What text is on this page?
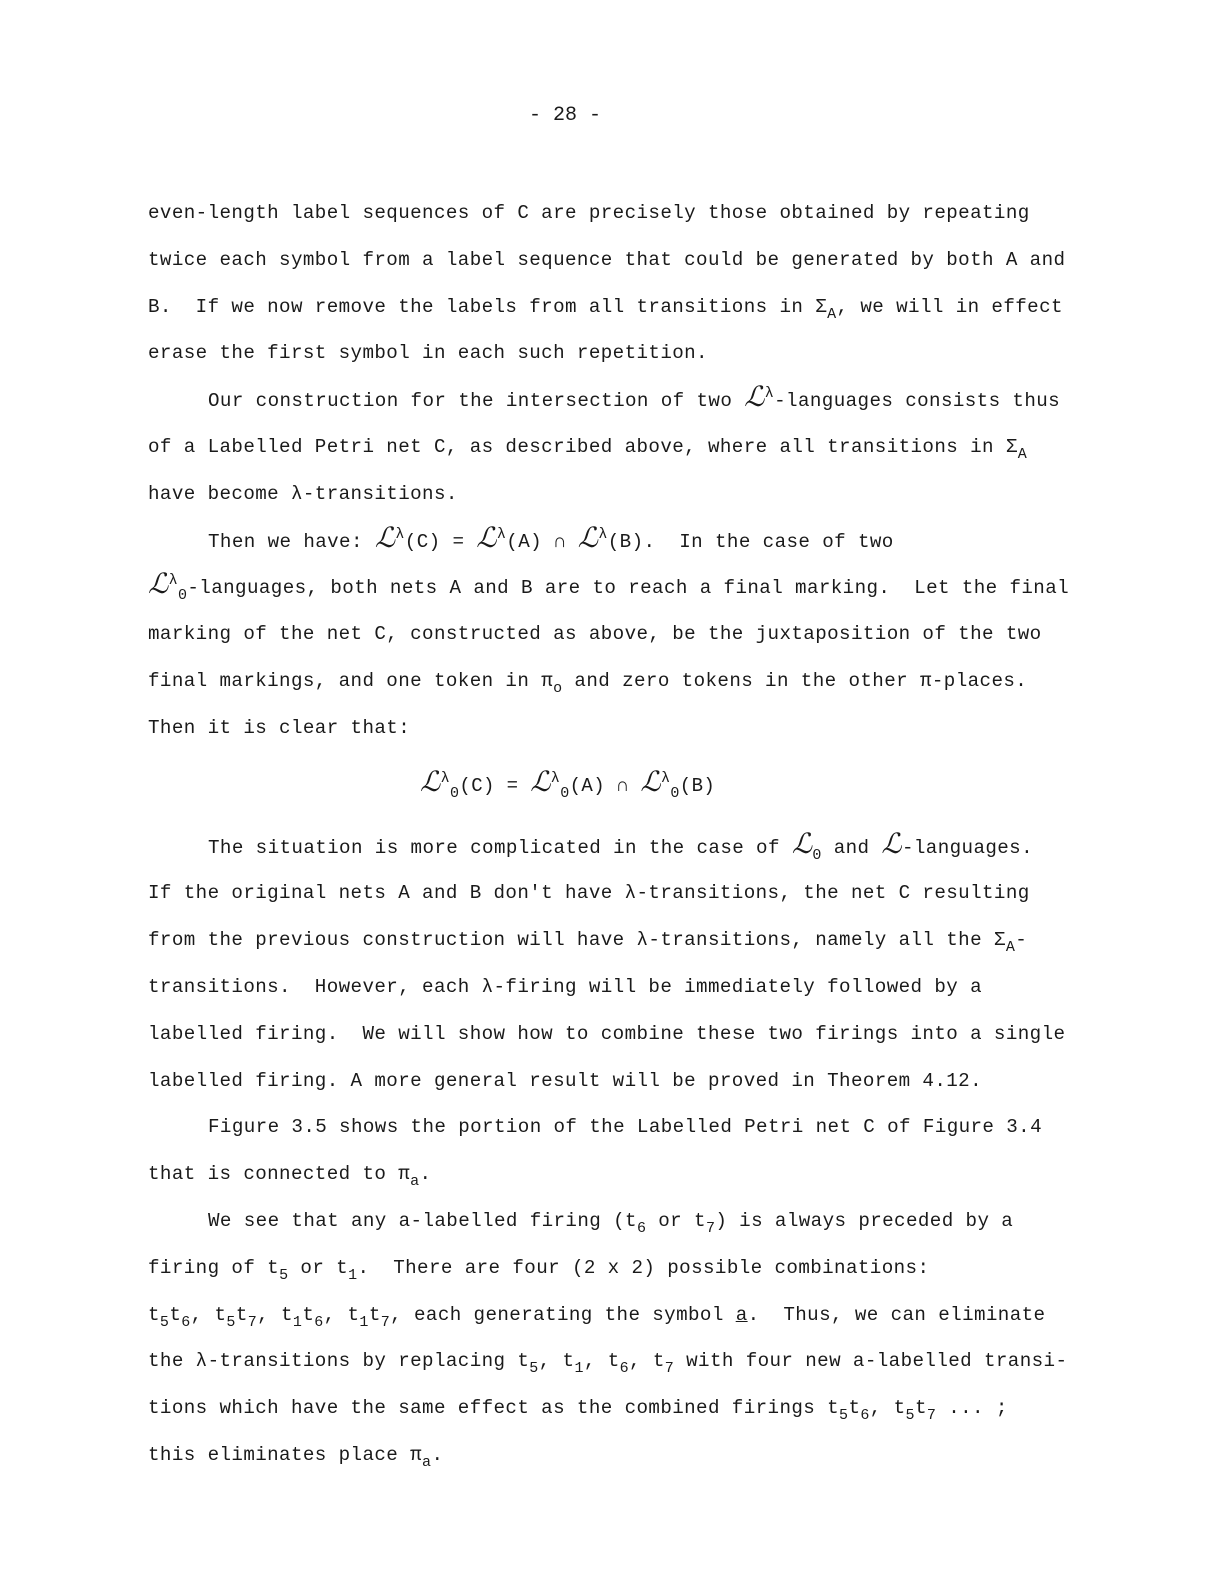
- 28 -
even-length label sequences of C are precisely those obtained by repeating
twice each symbol from a label sequence that could be generated by both A and
B.  If we now remove the labels from all transitions in $\Sigma_A$, we will in effect
erase the first symbol in each such repetition.
Our construction for the intersection of two ℒ$^\lambda$-languages consists thus
of a Labelled Petri net C, as described above, where all transitions in $\Sigma_A$
have become λ-transitions.
Then we have: ℒ$^\lambda$(C) = ℒ$^\lambda$(A) ∩ ℒ$^\lambda$(B).  In the case of two
ℒ$^\lambda_0$-languages, both nets A and B are to reach a final marking.  Let the final
marking of the net C, constructed as above, be the juxtaposition of the two
final markings, and one token in $\pi_o$ and zero tokens in the other π-places.
Then it is clear that:
ℒ$^\lambda_0$(C) = ℒ$^\lambda_0$(A) ∩ ℒ$^\lambda_0$(B)
The situation is more complicated in the case of ℒ$_0$ and ℒ-languages.
If the original nets A and B don't have λ-transitions, the net C resulting
from the previous construction will have λ-transitions, namely all the $\Sigma_A-$
transitions.  However, each λ-firing will be immediately followed by a
labelled firing.  We will show how to combine these two firings into a single
labelled firing. A more general result will be proved in Theorem 4.12.
Figure 3.5 shows the portion of the Labelled Petri net C of Figure 3.4
that is connected to $\pi_a$.
We see that any a-labelled firing ($t_6$ or $t_7$) is always preceded by a
firing of $t_5$ or $t_1$.  There are four (2 x 2) possible combinations:
$t_5t_6$, $t_5t_7$, $t_1t_6$, $t_1t_7$, each generating the symbol a.  Thus, we can eliminate
the λ-transitions by replacing $t_5$, $t_1$, $t_6$, $t_7$ with four new a-labelled transi-
tions which have the same effect as the combined firings $t_5t_6$, $t_5t_7$ ... ;
this eliminates place $\pi_a$.
